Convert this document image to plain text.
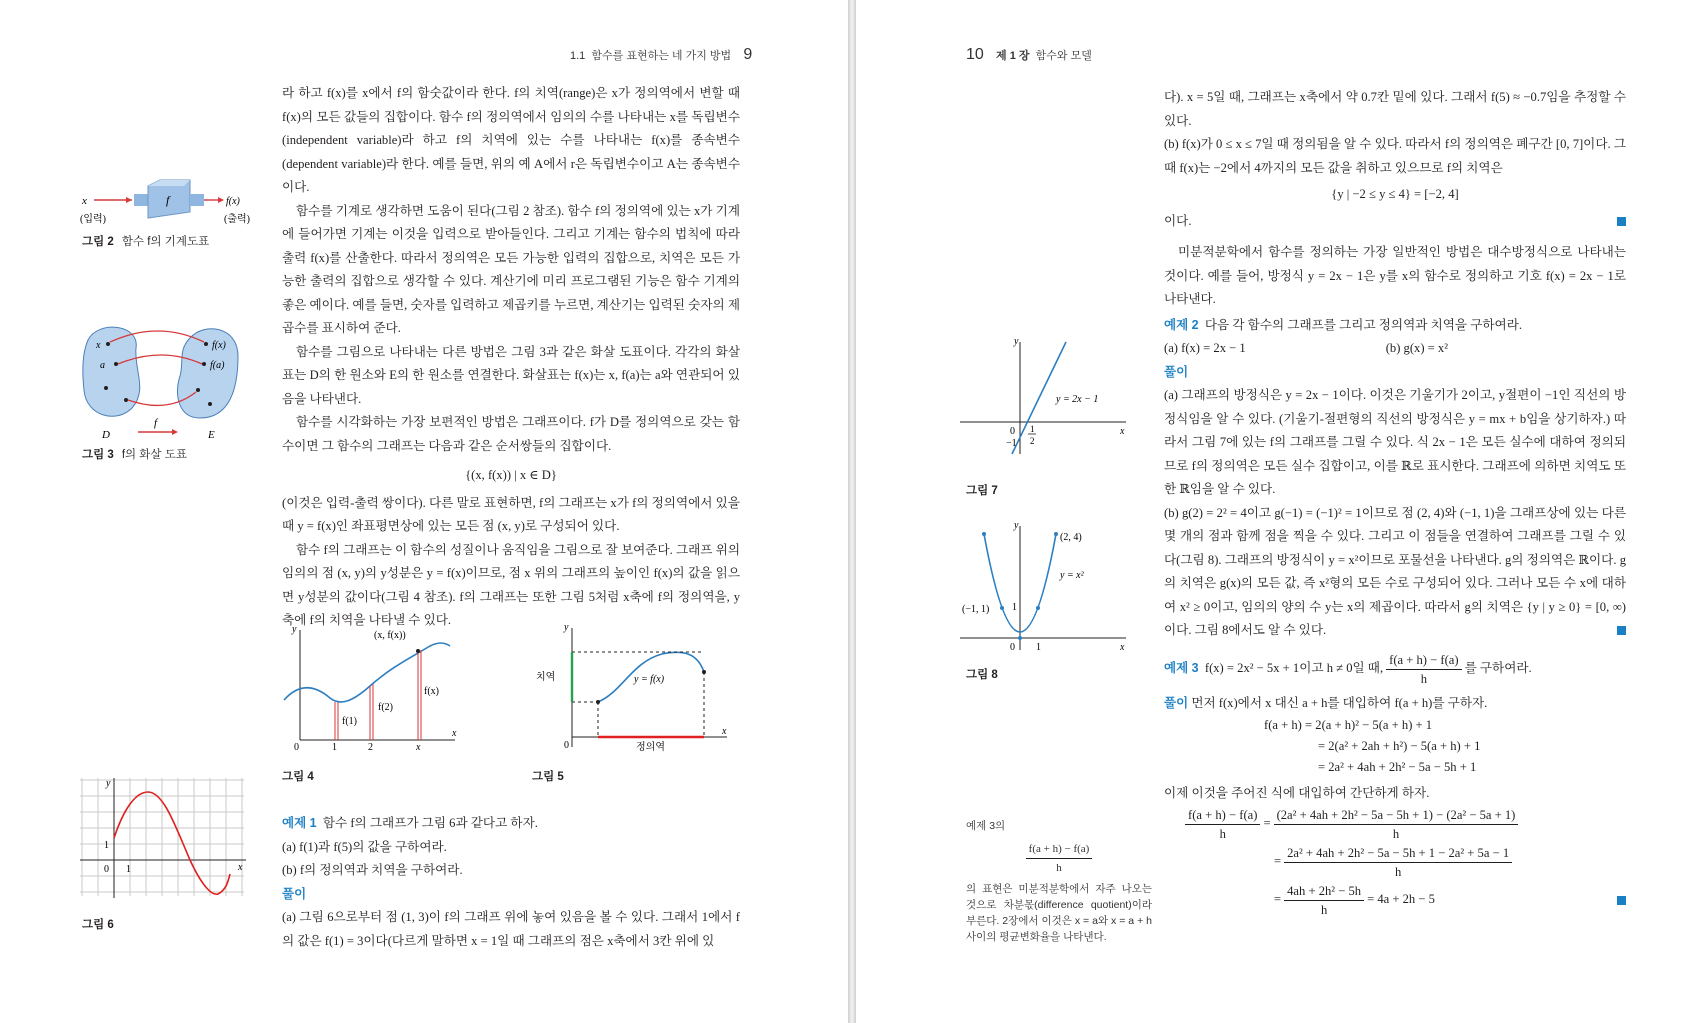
1.1 함수를 표현하는 네 가지 방법 9

라 하고 f(x)를 x에서 f의 함숫값이라 한다. f의 치역(range)은 x가 정의역에서 변할 때 f(x)의 모든 값들의 집합이다. 함수 f의 정의역에서 임의의 수를 나타내는 x를 독립변수(independent variable)라 하고 f의 치역에 있는 수를 나타내는 f(x)를 종속변수(dependent variable)라 한다. 예를 들면, 위의 예 A에서 r은 독립변수이고 A는 종속변수이다.

함수를 기계로 생각하면 도움이 된다(그림 2 참조). 함수 f의 정의역에 있는 x가 기계에 들어가면 기계는 이것을 입력으로 받아들인다. 그리고 기계는 함수의 법칙에 따라 출력 f(x)를 산출한다. 따라서 정의역은 모든 가능한 입력의 집합으로, 치역은 모든 가능한 출력의 집합으로 생각할 수 있다. 계산기에 미리 프로그램된 기능은 함수 기계의 좋은 예이다. 예를 들면, 숫자를 입력하고 제곱키를 누르면, 계산기는 입력된 숫자의 제곱수를 표시하여 준다.

함수를 그림으로 나타내는 다른 방법은 그림 3과 같은 화살 도표이다. 각각의 화살표는 D의 한 원소와 E의 한 원소를 연결한다. 화살표는 f(x)는 x, f(a)는 a와 연관되어 있음을 나타낸다.

함수를 시각화하는 가장 보편적인 방법은 그래프이다. f가 D를 정의역으로 갖는 함수이면 그 함수의 그래프는 다음과 같은 순서쌍들의 집합이다.

{(x, f(x)) | x ∈ D}

(이것은 입력-출력 쌍이다). 다른 말로 표현하면, f의 그래프는 x가 f의 정의역에서 있을 때 y = f(x)인 좌표평면상에 있는 모든 점 (x, y)로 구성되어 있다.

함수 f의 그래프는 이 함수의 성질이나 움직임을 그림으로 잘 보여준다. 그래프 위의 임의의 점 (x, y)의 y성분은 y = f(x)이므로, 점 x 위의 그래프의 높이인 f(x)의 값을 읽으면 y성분의 값이다(그림 4 참조). f의 그래프는 또한 그림 5처럼 x축에 f의 정의역을, y축에 f의 치역을 나타낼 수 있다.

예제 1 함수 f의 그래프가 그림 6과 같다고 하자.

(a) f(1)과 f(5)의 값을 구하여라.

(b) f의 정의역과 치역을 구하여라.

풀이

(a) 그림 6으로부터 점 (1, 3)이 f의 그래프 위에 놓여 있음을 볼 수 있다. 그래서 1에서 f의 값은 f(1) = 3이다(다르게 말하면 x = 1일 때 그래프의 점은 x축에서 3칸 위에 있

x
(입력)
f	f(x)
(출력)
그림 2 함수 f의 기계도표
x
a
f(x)
f(a)
D	E
f
그림 3 f의 화살 도표
(x, f(x))
f(x)
f(1)
f(2)
y
x
0	1	2	x
그림 4
치역	y = f(x)
정의역
y
x
0
그림 5
y
x
0 1
1
그림 6
10 제 1 장 함수와 모델

다). x = 5일 때, 그래프는 x축에서 약 0.7칸 밑에 있다. 그래서 f(5) ≈ −0.7임을 추정할 수 있다.

(b) f(x)가 0 ≤ x ≤ 7일 때 정의됨을 알 수 있다. 따라서 f의 정의역은 폐구간 [0, 7]이다. 그때 f(x)는 −2에서 4까지의 모든 값을 취하고 있으므로 f의 치역은

{y | −2 ≤ y ≤ 4} = [−2, 4]

이다.

미분적분학에서 함수를 정의하는 가장 일반적인 방법은 대수방정식으로 나타내는 것이다. 예를 들어, 방정식 y = 2x − 1은 y를 x의 함수로 정의하고 기호 f(x) = 2x − 1로 나타낸다.

예제 2 다음 각 함수의 그래프를 그리고 정의역과 치역을 구하여라.

(a) f(x) = 2x − 1	(b) g(x) = x²

풀이

(a) 그래프의 방정식은 y = 2x − 1이다. 이것은 기울기가 2이고, y절편이 −1인 직선의 방정식임을 알 수 있다. (기울기-절편형의 직선의 방정식은 y = mx + b임을 상기하자.) 따라서 그림 7에 있는 f의 그래프를 그릴 수 있다. 식 2x − 1은 모든 실수에 대하여 정의되므로 f의 정의역은 모든 실수 집합이고, 이를 ℝ로 표시한다. 그래프에 의하면 치역도 또한 ℝ임을 알 수 있다.

(b) g(2) = 2² = 4이고 g(−1) = (−1)² = 1이므로 점 (2, 4)와 (−1, 1)을 그래프상에 있는 다른 몇 개의 점과 함께 점을 찍을 수 있다. 그리고 이 점들을 연결하여 그래프를 그릴 수 있다(그림 8). 그래프의 방정식이 y = x²이므로 포물선을 나타낸다. g의 정의역은 ℝ이다. g의 치역은 g(x)의 모든 값, 즉 x²형의 모든 수로 구성되어 있다. 그러나 모든 수 x에 대하여 x² ≥ 0이고, 임의의 양의 수 y는 x의 제곱이다. 따라서 g의 치역은 {y | y ≥ 0} = [0, ∞)이다. 그림 8에서도 알 수 있다.

예제 3
f(x) = 2x² − 5x + 1이고 h ≠ 0일 때, $\frac{f(a + h) - f(a)}{h}$ 를 구하여라.

풀이 먼저 f(x)에서 x 대신 a + h를 대입하여 f(a + h)를 구하자.

f(a + h) = 2(a + h)² − 5(a + h) + 1
= 2(a² + 2ah + h²) − 5(a + h) + 1
= 2a² + 4ah + 2h² − 5a − 5h + 1

이제 이것을 주어진 식에 대입하여 간단하게 하자.

$\frac{f(a + h) - f(a)}{h} = \frac{\text{(2a² + 4ah + 2h² − 5a − 5h + 1) − (2a² − 5a + 1)}}{h}$
= $\frac{\text{2a² + 4ah + 2h² − 5a − 5h + 1 − 2a² + 5a − 1}}{h}$
= $\frac{\text{4ah + 2h² − 5h}}{h} = 4a + 2h - 5$
y
x
0
−1
1
2
y = 2x − 1
그림 7
y
x
0 1
1
(2, 4)
(−1, 1)
y = x²
그림 8
예제 3의
$\frac{f(a + h) - f(a)}{h}$
의 표현은 미분적분학에서 자주 나오는 것으로 차분몫(difference quotient)이라 부른다. 2장에서 이것은 x = a와 x = a + h 사이의 평균변화율을 나타낸다.
